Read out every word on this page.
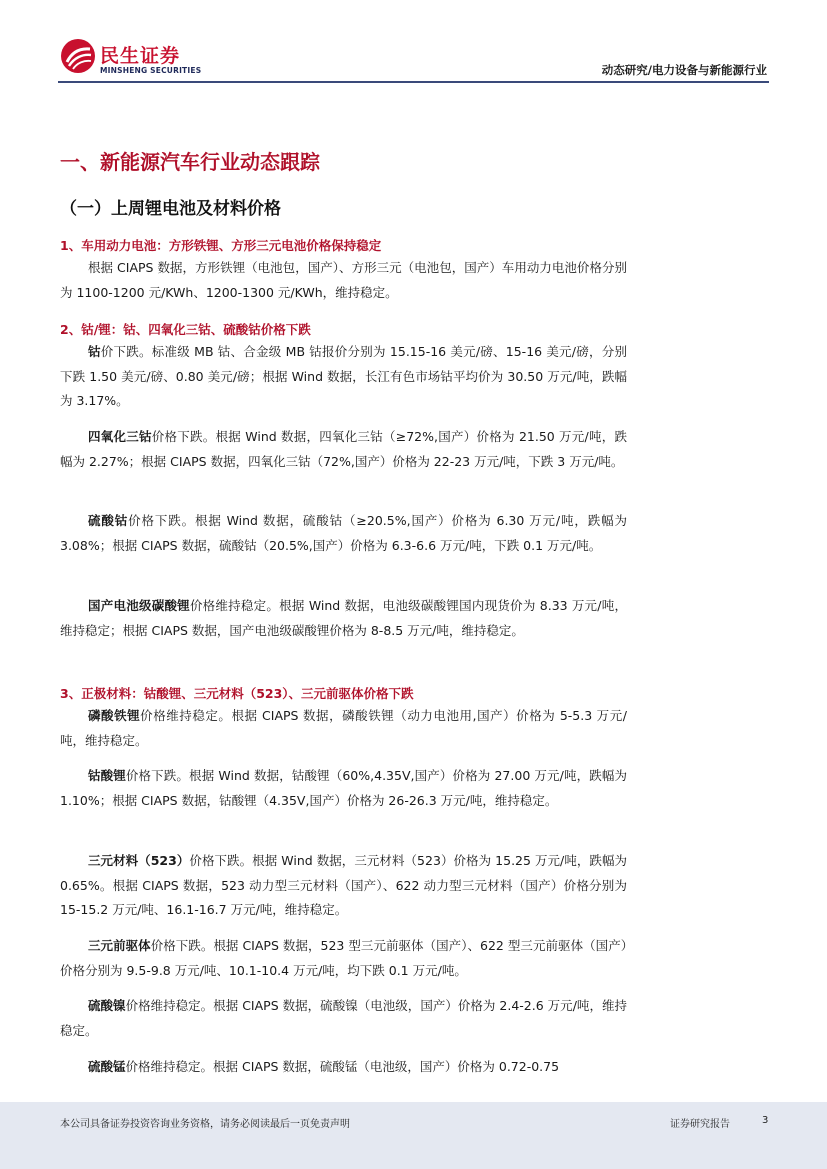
民生证券
MINSHENG SECURITIES	动态研究/电力设备与新能源行业
一、新能源汽车行业动态跟踪
（一）上周锂电池及材料价格
1、车用动力电池：方形铁锂、方形三元电池价格保持稳定

根据 CIAPS 数据，方形铁锂（电池包，国产）、方形三元（电池包，国产）车用动力电池价格分别为 1100-1200 元/KWh、1200-1300 元/KWh，维持稳定。

2、钴/锂：钴、四氧化三钴、硫酸钴价格下跌

钴价下跌。标准级 MB 钴、合金级 MB 钴报价分别为 15.15-16 美元/磅、15-16 美元/磅，分别下跌 1.50 美元/磅、0.80 美元/磅；根据 Wind 数据，长江有色市场钴平均价为 30.50 万元/吨，跌幅为 3.17%。

四氧化三钴价格下跌。根据 Wind 数据，四氧化三钴（≥72%,国产）价格为 21.50 万元/吨，跌幅为 2.27%；根据 CIAPS 数据，四氧化三钴（72%,国产）价格为 22-23 万元/吨，下跌 3 万元/吨。

硫酸钴价格下跌。根据 Wind 数据，硫酸钴（≥20.5%,国产）价格为 6.30 万元/吨，跌幅为 3.08%；根据 CIAPS 数据，硫酸钴（20.5%,国产）价格为 6.3-6.6 万元/吨，下跌 0.1 万元/吨。

国产电池级碳酸锂价格维持稳定。根据 Wind 数据，电池级碳酸锂国内现货价为 8.33 万元/吨，维持稳定；根据 CIAPS 数据，国产电池级碳酸锂价格为 8-8.5 万元/吨，维持稳定。

3、正极材料：钴酸锂、三元材料（523）、三元前驱体价格下跌

磷酸铁锂价格维持稳定。根据 CIAPS 数据，磷酸铁锂（动力电池用,国产）价格为 5-5.3 万元/吨，维持稳定。

钴酸锂价格下跌。根据 Wind 数据，钴酸锂（60%,4.35V,国产）价格为 27.00 万元/吨，跌幅为 1.10%；根据 CIAPS 数据，钴酸锂（4.35V,国产）价格为 26-26.3 万元/吨，维持稳定。

三元材料（523）价格下跌。根据 Wind 数据，三元材料（523）价格为 15.25 万元/吨，跌幅为 0.65%。根据 CIAPS 数据，523 动力型三元材料（国产）、622 动力型三元材料（国产）价格分别为 15-15.2 万元/吨、16.1-16.7 万元/吨，维持稳定。

三元前驱体价格下跌。根据 CIAPS 数据，523 型三元前驱体（国产）、622 型三元前驱体（国产）价格分别为 9.5-9.8 万元/吨、10.1-10.4 万元/吨，均下跌 0.1 万元/吨。

硫酸镍价格维持稳定。根据 CIAPS 数据，硫酸镍（电池级，国产）价格为 2.4-2.6 万元/吨，维持稳定。

硫酸锰价格维持稳定。根据 CIAPS 数据，硫酸锰（电池级，国产）价格为 0.72-0.75

本公司具备证券投资咨询业务资格，请务必阅读最后一页免责声明	证券研究报告	3
